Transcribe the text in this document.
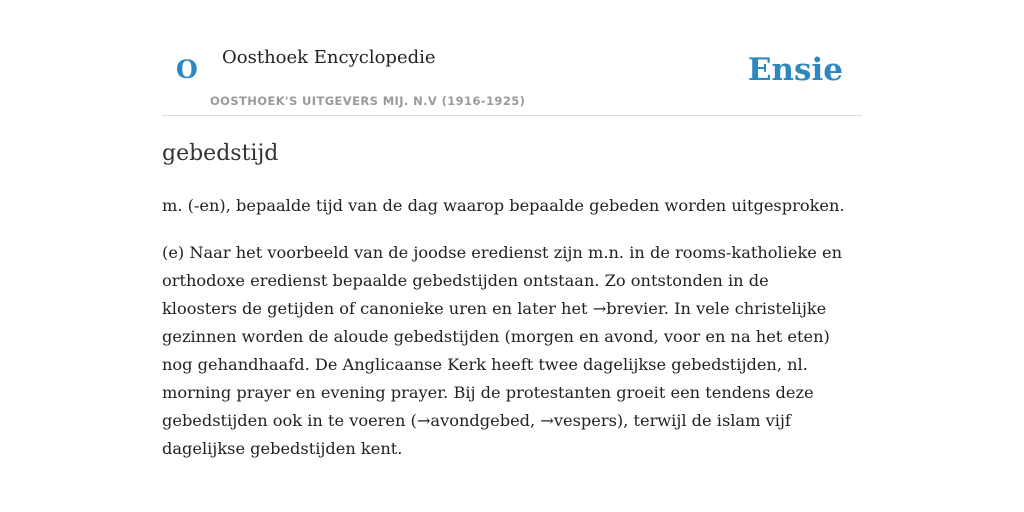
O Oosthoek Encyclopedie
OOSTHOEK'S UITGEVERS MIJ. N.V (1916-1925)
Ensie
gebedstijd

m. (-en), bepaalde tijd van de dag waarop bepaalde gebeden worden uitgesproken.

(e) Naar het voorbeeld van de joodse eredienst zijn m.n. in de rooms-katholieke en
orthodoxe eredienst bepaalde gebedstijden ontstaan. Zo ontstonden in de
kloosters de getijden of canonieke uren en later het →brevier. In vele christelijke
gezinnen worden de aloude gebedstijden (morgen en avond, voor en na het eten)
nog gehandhaafd. De Anglicaanse Kerk heeft twee dagelijkse gebedstijden, nl.
morning prayer en evening prayer. Bij de protestanten groeit een tendens deze
gebedstijden ook in te voeren (→avondgebed, →vespers), terwijl de islam vijf
dagelijkse gebedstijden kent.
